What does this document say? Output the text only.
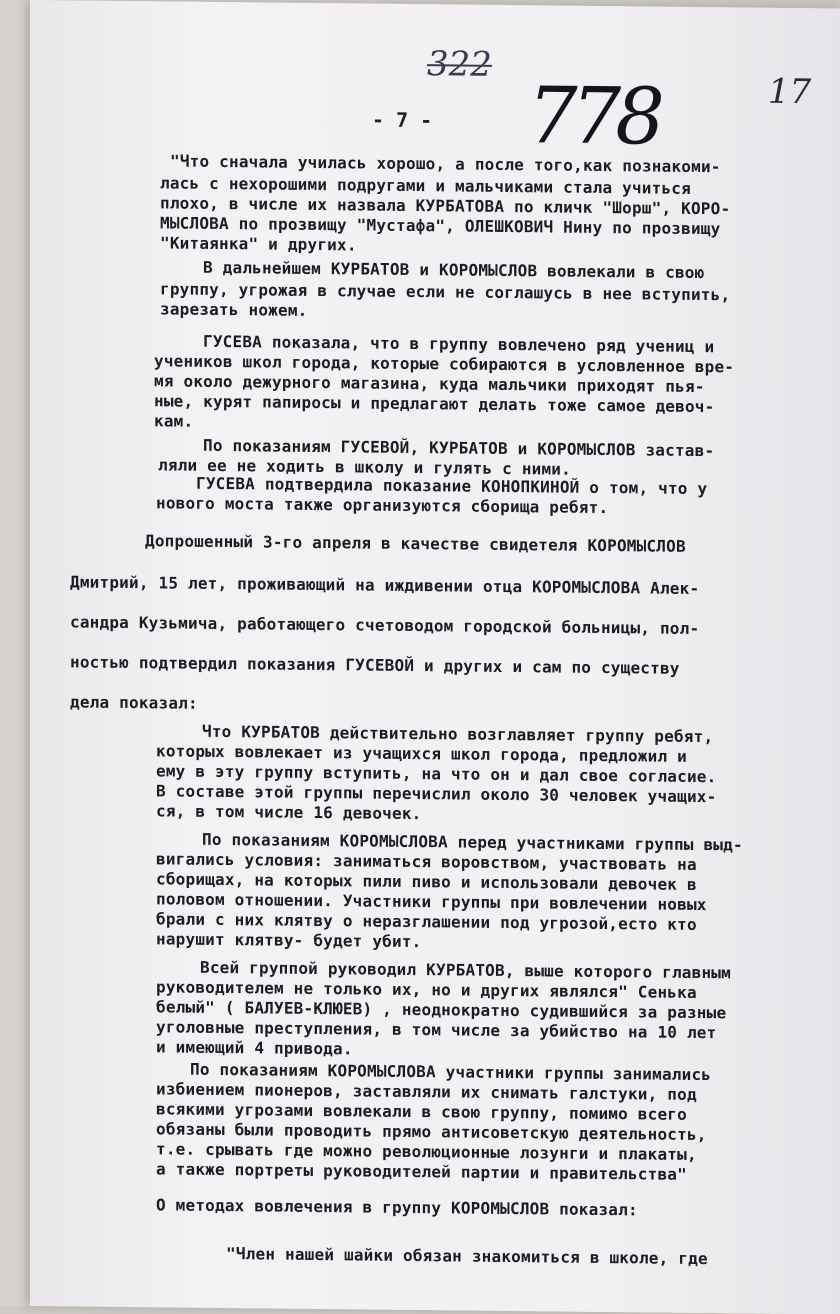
322
778	17
- 7 -
"Что сначала училась хорошо, а после того,как познакоми-
лась с нехорошими подругами и мальчиками стала учиться
плохо, в числе их назвала КУРБАТОВА по кличк "Шорш", КОРО-
МЫСЛОВА по прозвищу "Мустафа", ОЛЕШКОВИЧ Нину по прозвищу
"Китаянка" и других.
В дальнейшем КУРБАТОВ и КОРОМЫСЛОВ вовлекали в свою
группу, угрожая в случае если не соглашусь в нее вступить,
зарезать ножем.
ГУСЕВА показала, что в группу вовлечено ряд учениц и
учеников школ города, которые собираются в условленное вре-
мя около дежурного магазина, куда мальчики приходят пья-
ные, курят папиросы и предлагают делать тоже самое девоч-
кам.
По показаниям ГУСЕВОЙ, КУРБАТОВ и КОРОМЫСЛОВ застав-
ляли ее не ходить в школу и гулять с ними.
ГУСЕВА подтвердила показание КОНОПКИНОЙ о том, что у
нового моста также организуются сборища ребят.
Допрошенный 3-го апреля в качестве свидетеля КОРОМЫСЛОВ
Дмитрий, 15 лет, проживающий на иждивении отца КОРОМЫСЛОВА Алек-
сандра Кузьмича, работающего счетоводом городской больницы, пол-
ностью подтвердил показания ГУСЕВОЙ и других и сам по существу
дела показал:
Что КУРБАТОВ действительно возглавляет группу ребят,
которых вовлекает из учащихся школ города, предложил и
ему в эту группу вступить, на что он и дал свое согласие.
В составе этой группы перечислил около 30 человек учащих-
ся, в том числе 16 девочек.
По показаниям КОРОМЫСЛОВА перед участниками группы выд-
вигались условия: заниматься воровством, участвовать на
сборищах, на которых пили пиво и использовали девочек в
половом отношении. Участники группы при вовлечении новых
брали с них клятву о неразглашении под угрозой,есто кто
нарушит клятву- будет убит.
Всей группой руководил КУРБАТОВ, выше которого главным
руководителем не только их, но и других являлся" Сенька
белый" ( БАЛУЕВ-КЛЮЕВ) , неоднократно судившийся за разные
уголовные преступления, в том числе за убийство на 10 лет
и имеющий 4 привода.
По показаниям КОРОМЫСЛОВА участники группы занимались
избиением пионеров, заставляли их снимать галстуки, под
всякими угрозами вовлекали в свою группу, помимо всего
обязаны были проводить прямо антисоветскую деятельность,
т.е. срывать где можно революционные лозунги и плакаты,
а также портреты руководителей партии и правительства"
О методах вовлечения в группу КОРОМЫСЛОВ показал:
"Член нашей шайки обязан знакомиться в школе, где
